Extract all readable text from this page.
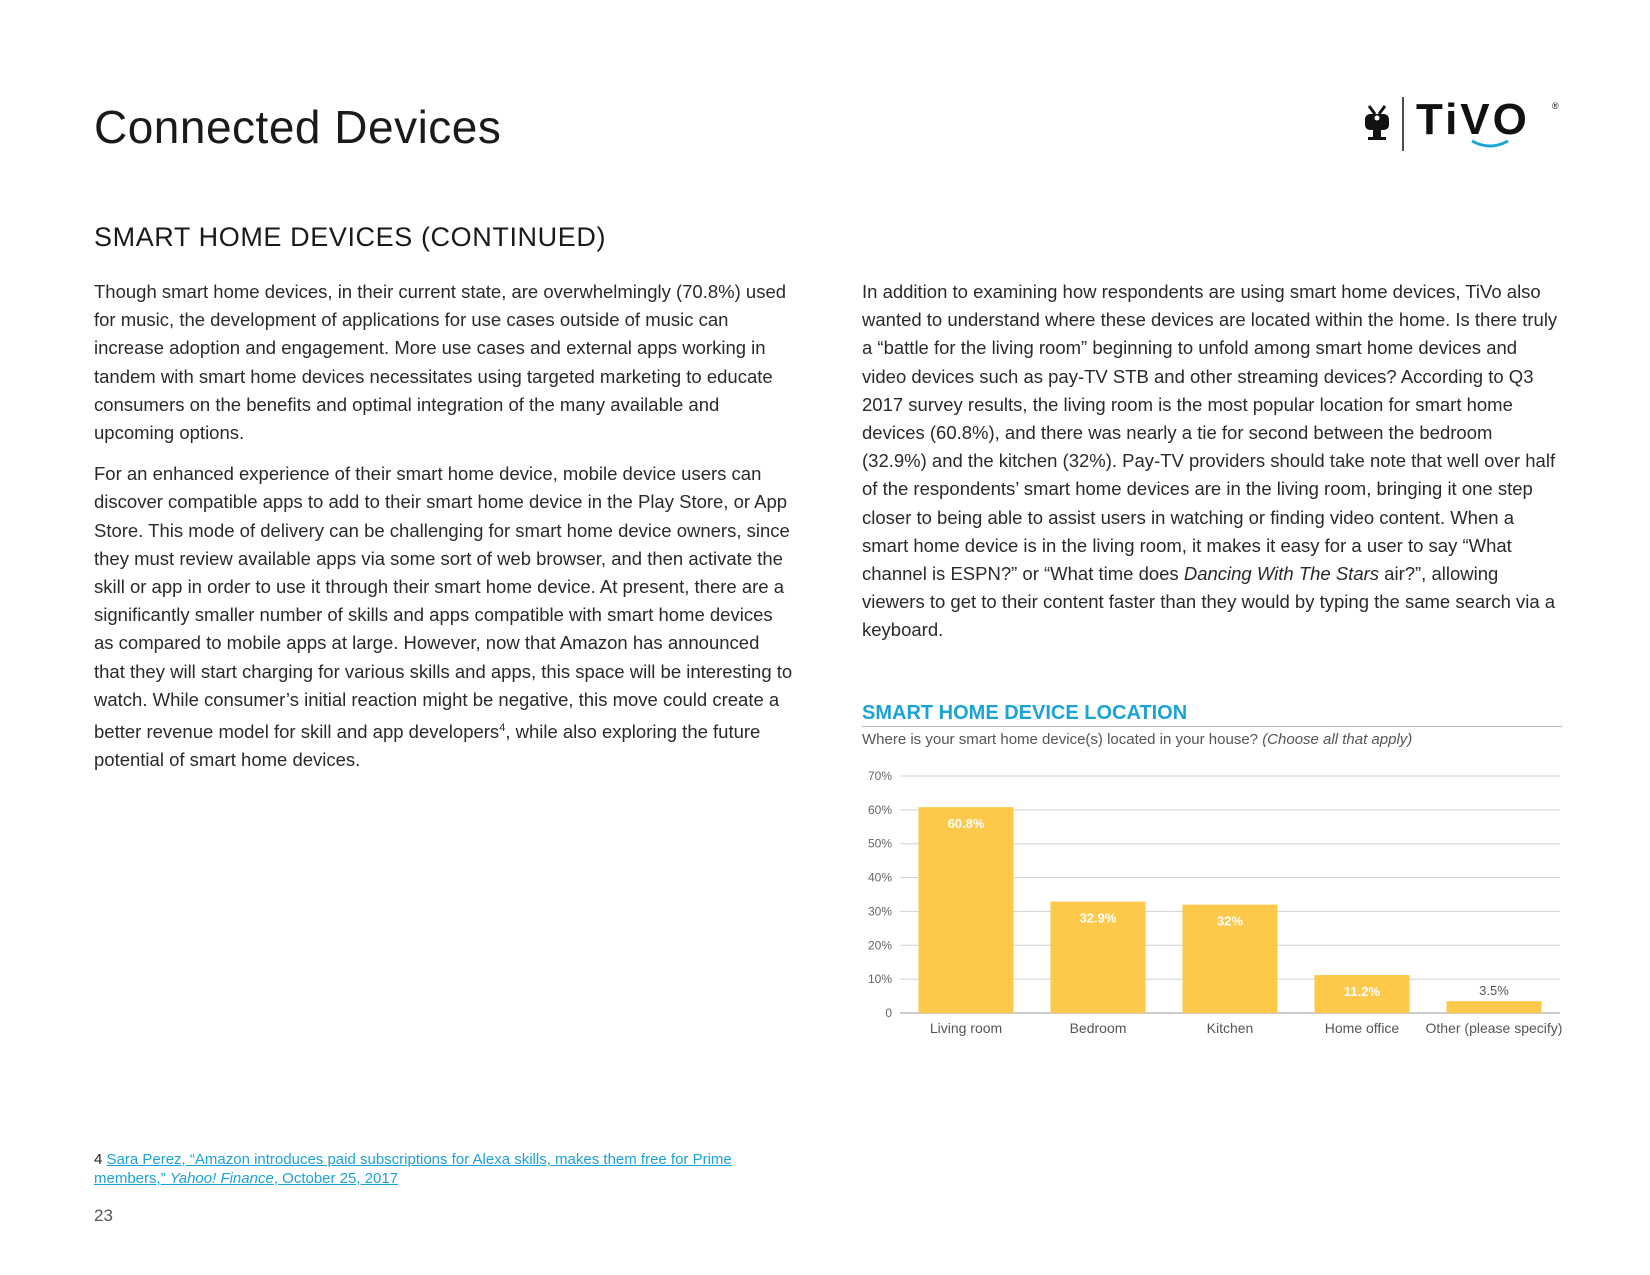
Connected Devices	TiVO ®
SMART HOME DEVICES (CONTINUED)

Though smart home devices, in their current state, are overwhelmingly (70.8%) used for music, the development of applications for use cases outside of music can increase adoption and engagement. More use cases and external apps working in tandem with smart home devices necessitates using targeted marketing to educate consumers on the benefits and optimal integration of the many available and upcoming options.

For an enhanced experience of their smart home device, mobile device users can discover compatible apps to add to their smart home device in the Play Store, or App Store. This mode of delivery can be challenging for smart home device owners, since they must review available apps via some sort of web browser, and then activate the skill or app in order to use it through their smart home device. At present, there are a significantly smaller number of skills and apps compatible with smart home devices as compared to mobile apps at large. However, now that Amazon has announced that they will start charging for various skills and apps, this space will be interesting to watch. While consumer’s initial reaction might be negative, this move could create a better revenue model for skill and app developers$^4$, while also exploring the future potential of smart home devices.

In addition to examining how respondents are using smart home devices, TiVo also wanted to understand where these devices are located within the home. Is there truly a “battle for the living room” beginning to unfold among smart home devices and video devices such as pay-TV STB and other streaming devices? According to Q3 2017 survey results, the living room is the most popular location for smart home devices (60.8%), and there was nearly a tie for second between the bedroom (32.9%) and the kitchen (32%). Pay-TV providers should take note that well over half of the respondents’ smart home devices are in the living room, bringing it one step closer to being able to assist users in watching or finding video content. When a smart home device is in the living room, it makes it easy for a user to say “What channel is ESPN?” or “What time does Dancing With The Stars air?”, allowing viewers to get to their content faster than they would by typing the same search via a keyboard.

SMART HOME DEVICE LOCATION
Where is your smart home device(s) located in your house? (Choose all that apply)
0
10%
20%
30%
40%
50%
60%
70%
60.8%
Living room
32.9%
Bedroom
32%
Kitchen
11.2%
Home office
3.5%
Other (please specify)
4 Sara Perez, “Amazon introduces paid subscriptions for Alexa skills, makes them free for Prime members,” Yahoo! Finance, October 25, 2017
23
